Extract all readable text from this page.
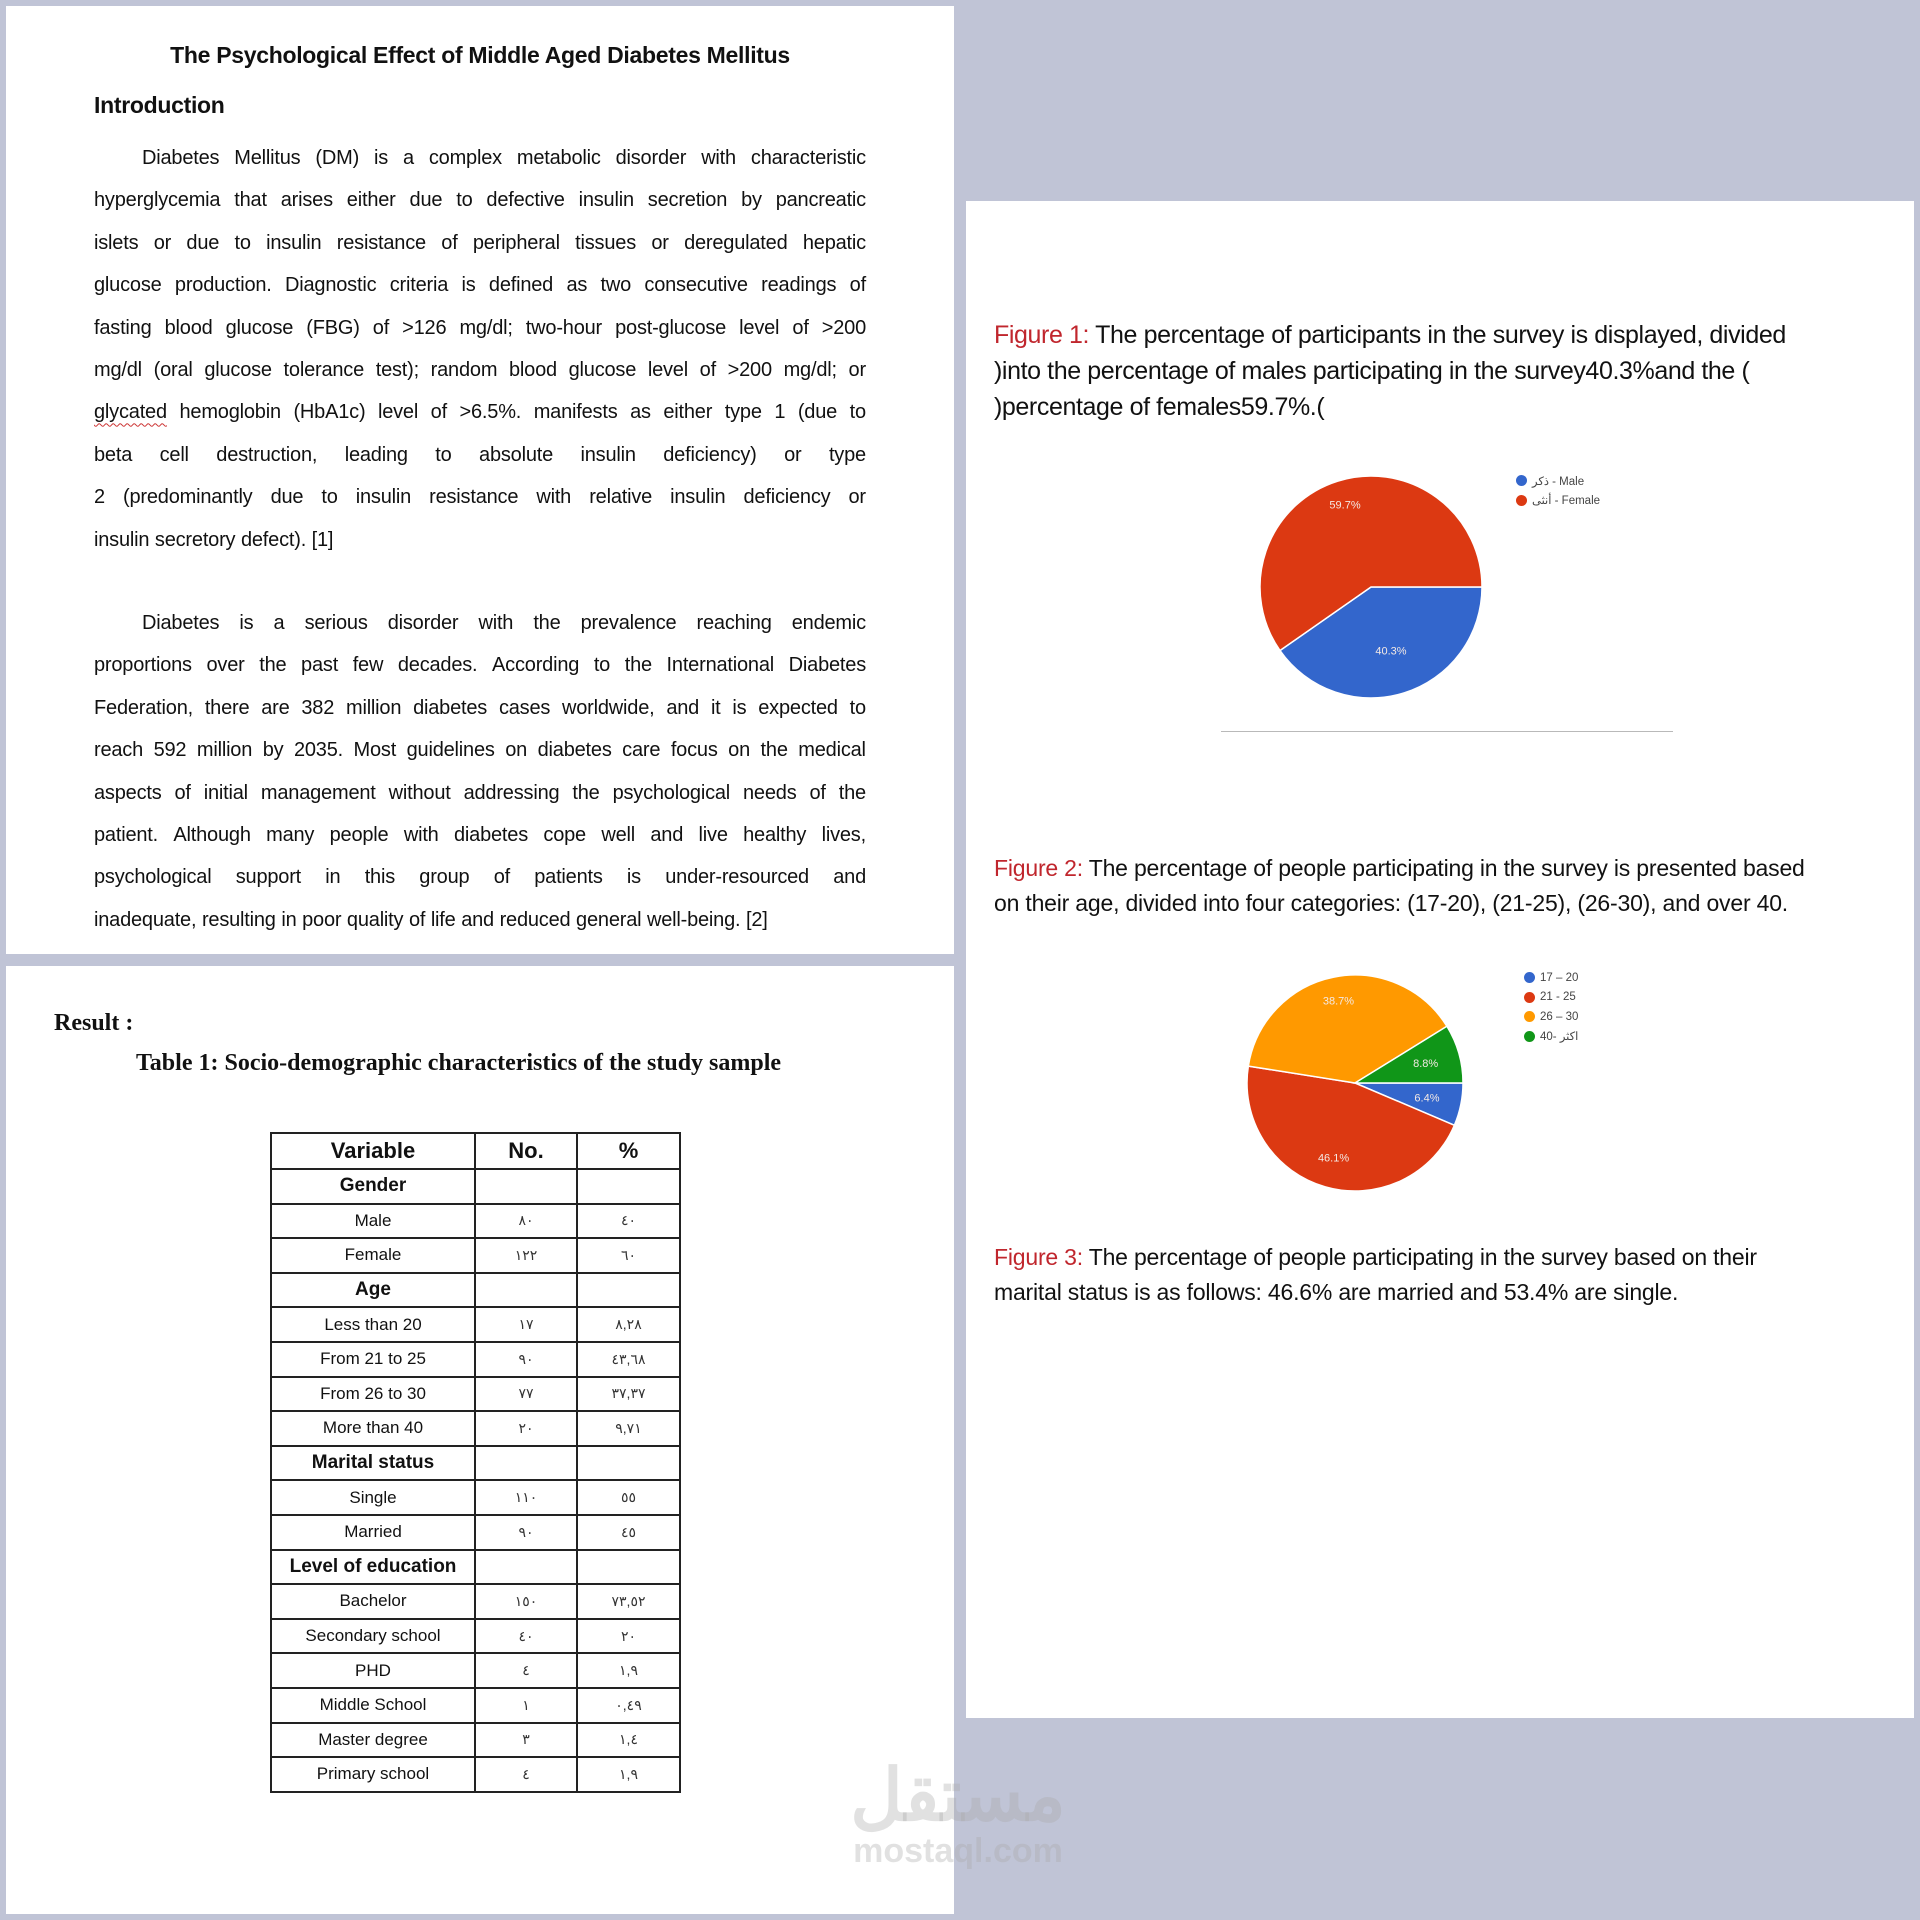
The Psychological Effect of Middle Aged Diabetes Mellitus
Introduction
Diabetes Mellitus (DM) is a complex metabolic disorder with characteristic
hyperglycemia that arises either due to defective insulin secretion by pancreatic
islets or due to insulin resistance of peripheral tissues or deregulated hepatic
glucose production. Diagnostic criteria is defined as two consecutive readings of
fasting blood glucose (FBG) of >126 mg/dl; two-hour post-glucose level of >200
mg/dl (oral glucose tolerance test); random blood glucose level of >200 mg/dl; or
glycated hemoglobin (HbA1c) level of >6.5%. manifests as either type 1 (due to
beta cell destruction, leading to absolute insulin deficiency) or type
2 (predominantly due to insulin resistance with relative insulin deficiency or
insulin secretory defect). [1]
Diabetes is a serious disorder with the prevalence reaching endemic
proportions over the past few decades. According to the International Diabetes
Federation, there are 382 million diabetes cases worldwide, and it is expected to
reach 592 million by 2035. Most guidelines on diabetes care focus on the medical
aspects of initial management without addressing the psychological needs of the
patient. Although many people with diabetes cope well and live healthy lives,
psychological support in this group of patients is under-resourced and
inadequate, resulting in poor quality of life and reduced general well-being. [2]
Result :
Table 1: Socio-demographic characteristics of the study sample
Variable	No.	%
Gender		
Male	٨٠	٤٠
Female	١٢٢	٦٠
Age		
Less than 20	١٧	٨,٢٨
From 21 to 25	٩٠	٤٣,٦٨
From 26 to 30	٧٧	٣٧,٣٧
More than 40	٢٠	٩,٧١
Marital status		
Single	١١٠	٥٥
Married	٩٠	٤٥
Level of education		
Bachelor	١٥٠	٧٣,٥٢
Secondary school	٤٠	٢٠
PHD	٤	١,٩
Middle School	١	٠,٤٩
Master degree	٣	١,٤
Primary school	٤	١,٩	مستقل
mostaql.com
Figure 1: The percentage of participants in the survey is displayed, divided
)into the percentage of males participating in the survey40.3%and the (
)percentage of females59.7%.(
40.3%
59.7%
Figure 2: The percentage of people participating in the survey is presented based
on their age, divided into four categories: (17-20), (21-25), (26-30), and over 40.
6.4%
46.1%
38.7%
8.8%
Figure 3: The percentage of people participating in the survey based on their
marital status is as follows: 46.6% are married and 53.4% are single.
ذكر - Male
أنثى - Female
17 – 20
21 - 25
26 – 30
اكثر -40
